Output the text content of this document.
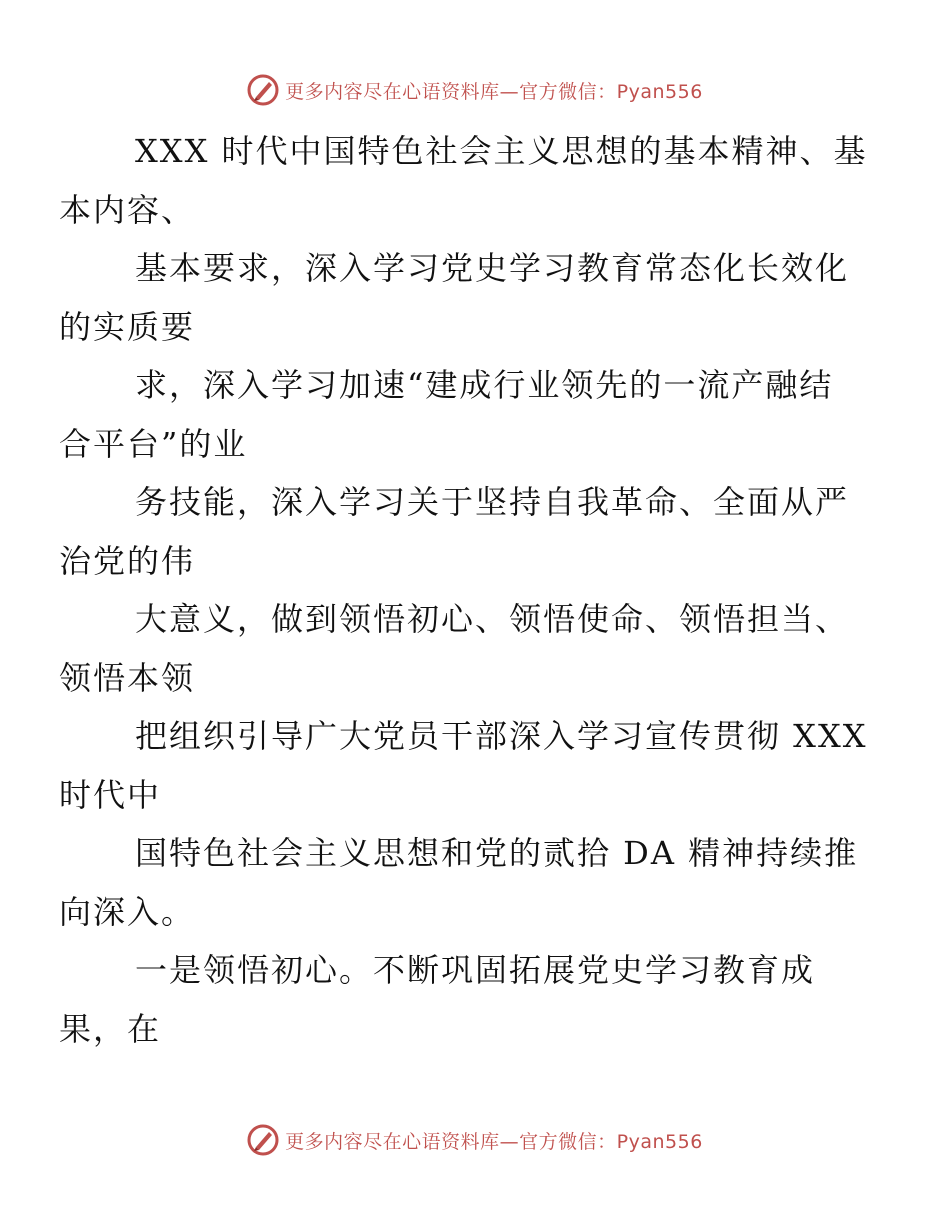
更多内容尽在心语资料库—官方微信：Pyan556

XXX 时代中国特色社会主义思想的基本精神、基
本内容、

基本要求，深入学习党史学习教育常态化长效化
的实质要

求，深入学习加速“建成行业领先的一流产融结
合平台”的业

务技能，深入学习关于坚持自我革命、全面从严
治党的伟

大意义，做到领悟初心、领悟使命、领悟担当、
领悟本领

把组织引导广大党员干部深入学习宣传贯彻 XXX
时代中

国特色社会主义思想和党的贰拾 DA 精神持续推
向深入。

一是领悟初心。不断巩固拓展党史学习教育成
果，在

更多内容尽在心语资料库—官方微信：Pyan556
